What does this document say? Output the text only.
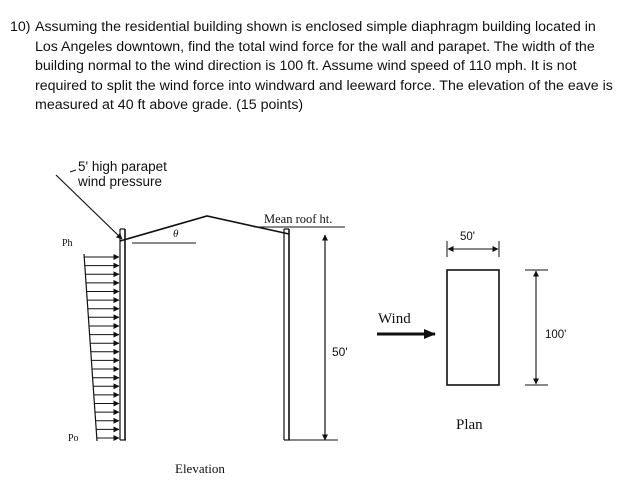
10) Assuming the residential building shown is enclosed simple diaphragm building located in Los Angeles downtown, find the total wind force for the wall and parapet. The width of the building normal to the wind direction is 100 ft. Assume wind speed of 110 mph. It is not required to split the wind force into windward and leeward force. The elevation of the eave is measured at 40 ft above grade. (15 points)

5' high parapet
wind pressure
θ
Mean roof ht.
50'
Ph
Po
Wind
50'
100'
Plan
Elevation
